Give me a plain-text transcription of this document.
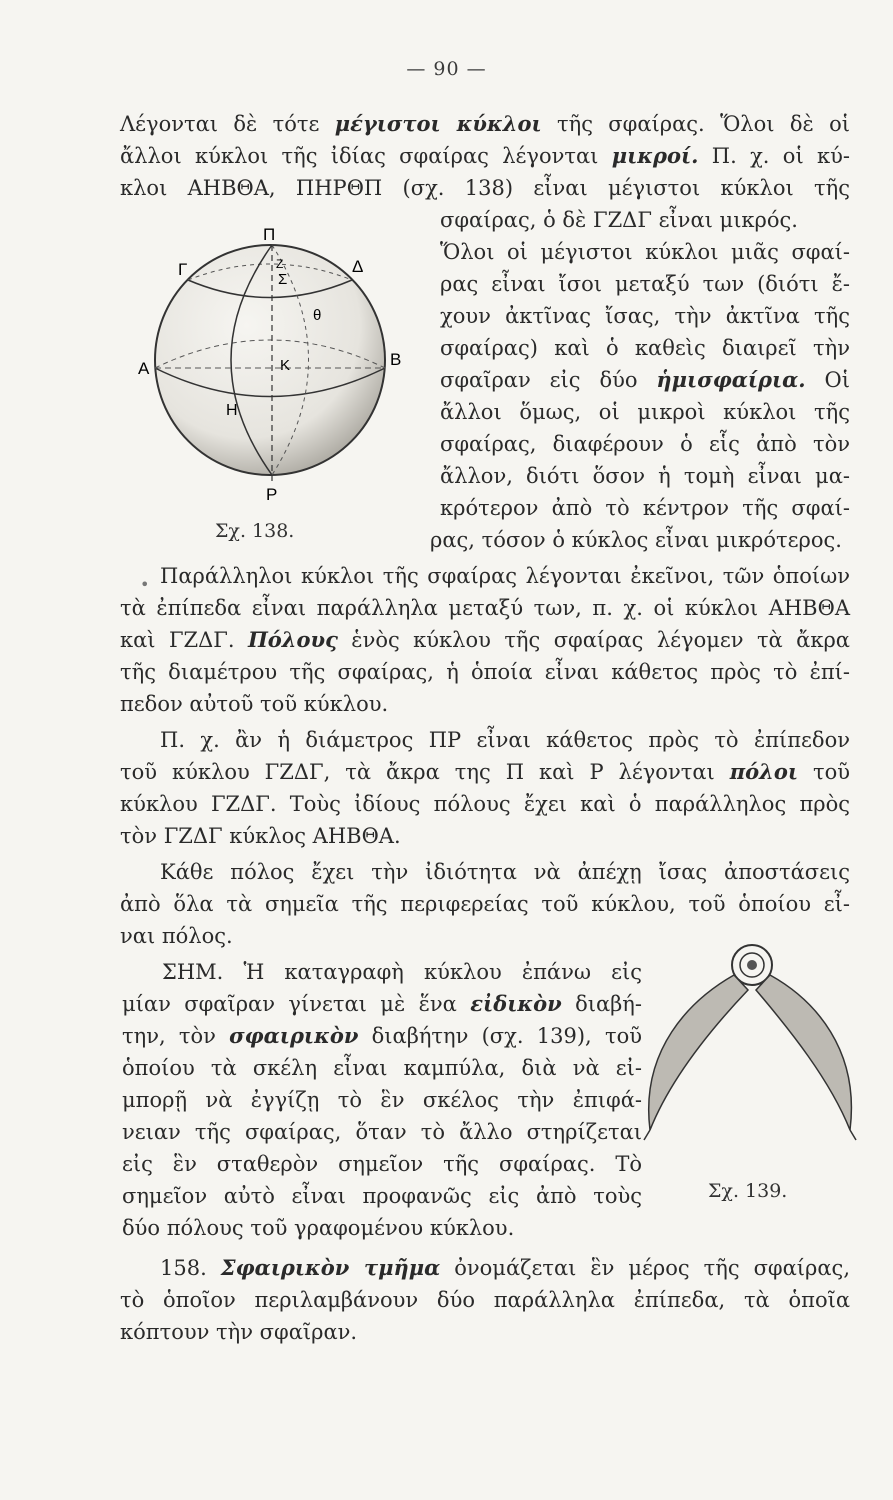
— 90 —
Π
Γ	Ζ
Σ
Δ
θ
Α	Κ	Β
Η
Ρ
Σχ. 138.
Σχ. 139.
•
Λέγονται δὲ τότε μέγιστοι κύκλοι τῆς σφαίρας. Ὅλοι δὲ οἱ
ἄλλοι κύκλοι τῆς ἰδίας σφαίρας λέγονται μικροί. Π. χ. οἱ κύ-
κλοι ΑΗΒΘΑ, ΠΗΡΘΠ (σχ. 138) εἶναι μέγιστοι κύκλοι τῆς
σφαίρας, ὁ δὲ ΓΖΔΓ εἶναι μικρός.
Ὅλοι οἱ μέγιστοι κύκλοι μιᾶς σφαί-
ρας εἶναι ἴσοι μεταξύ των (διότι ἔ-
χουν ἀκτῖνας ἴσας, τὴν ἀκτῖνα τῆς
σφαίρας) καὶ ὁ καθεὶς διαιρεῖ τὴν
σφαῖραν εἰς δύο ἡμισφαίρια. Οἱ
ἄλλοι ὅμως, οἱ μικροὶ κύκλοι τῆς
σφαίρας, διαφέρουν ὁ εἷς ἀπὸ τὸν
ἄλλον, διότι ὅσον ἡ τομὴ εἶναι μα-
κρότερον ἀπὸ τὸ κέντρον τῆς σφαί-
ρας, τόσον ὁ κύκλος εἶναι μικρότερος.
Παράλληλοι κύκλοι τῆς σφαίρας λέγονται ἐκεῖνοι, τῶν ὁποίων
τὰ ἐπίπεδα εἶναι παράλληλα μεταξύ των, π. χ. οἱ κύκλοι ΑΗΒΘΑ
καὶ ΓΖΔΓ. Πόλους ἑνὸς κύκλου τῆς σφαίρας λέγομεν τὰ ἄκρα
τῆς διαμέτρου τῆς σφαίρας, ἡ ὁποία εἶναι κάθετος πρὸς τὸ ἐπί-
πεδον αὐτοῦ τοῦ κύκλου.
Π. χ. ἂν ἡ διάμετρος ΠΡ εἶναι κάθετος πρὸς τὸ ἐπίπεδον
τοῦ κύκλου ΓΖΔΓ, τὰ ἄκρα της Π καὶ Ρ λέγονται πόλοι τοῦ
κύκλου ΓΖΔΓ. Τοὺς ἰδίους πόλους ἔχει καὶ ὁ παράλληλος πρὸς
τὸν ΓΖΔΓ κύκλος ΑΗΒΘΑ.
Κάθε πόλος ἔχει τὴν ἰδιότητα νὰ ἀπέχῃ ἴσας ἀποστάσεις
ἀπὸ ὅλα τὰ σημεῖα τῆς περιφερείας τοῦ κύκλου, τοῦ ὁποίου εἶ-
ναι πόλος.
ΣΗΜ. Ἡ καταγραφὴ κύκλου ἐπάνω εἰς
μίαν σφαῖραν γίνεται μὲ ἕνα εἰδικὸν διαβή-
την, τὸν σφαιρικὸν διαβήτην (σχ. 139), τοῦ
ὁποίου τὰ σκέλη εἶναι καμπύλα, διὰ νὰ εἰ-
μπορῇ νὰ ἐγγίζῃ τὸ ἓν σκέλος τὴν ἐπιφά-
νειαν τῆς σφαίρας, ὅταν τὸ ἄλλο στηρίζεται
εἰς ἓν σταθερὸν σημεῖον τῆς σφαίρας. Τὸ
σημεῖον αὐτὸ εἶναι προφανῶς εἰς ἀπὸ τοὺς
δύο πόλους τοῦ γραφομένου κύκλου.
158. Σφαιρικὸν τμῆμα ὀνομάζεται ἓν μέρος τῆς σφαίρας,
τὸ ὁποῖον περιλαμβάνουν δύο παράλληλα ἐπίπεδα, τὰ ὁποῖα
κόπτουν τὴν σφαῖραν.
